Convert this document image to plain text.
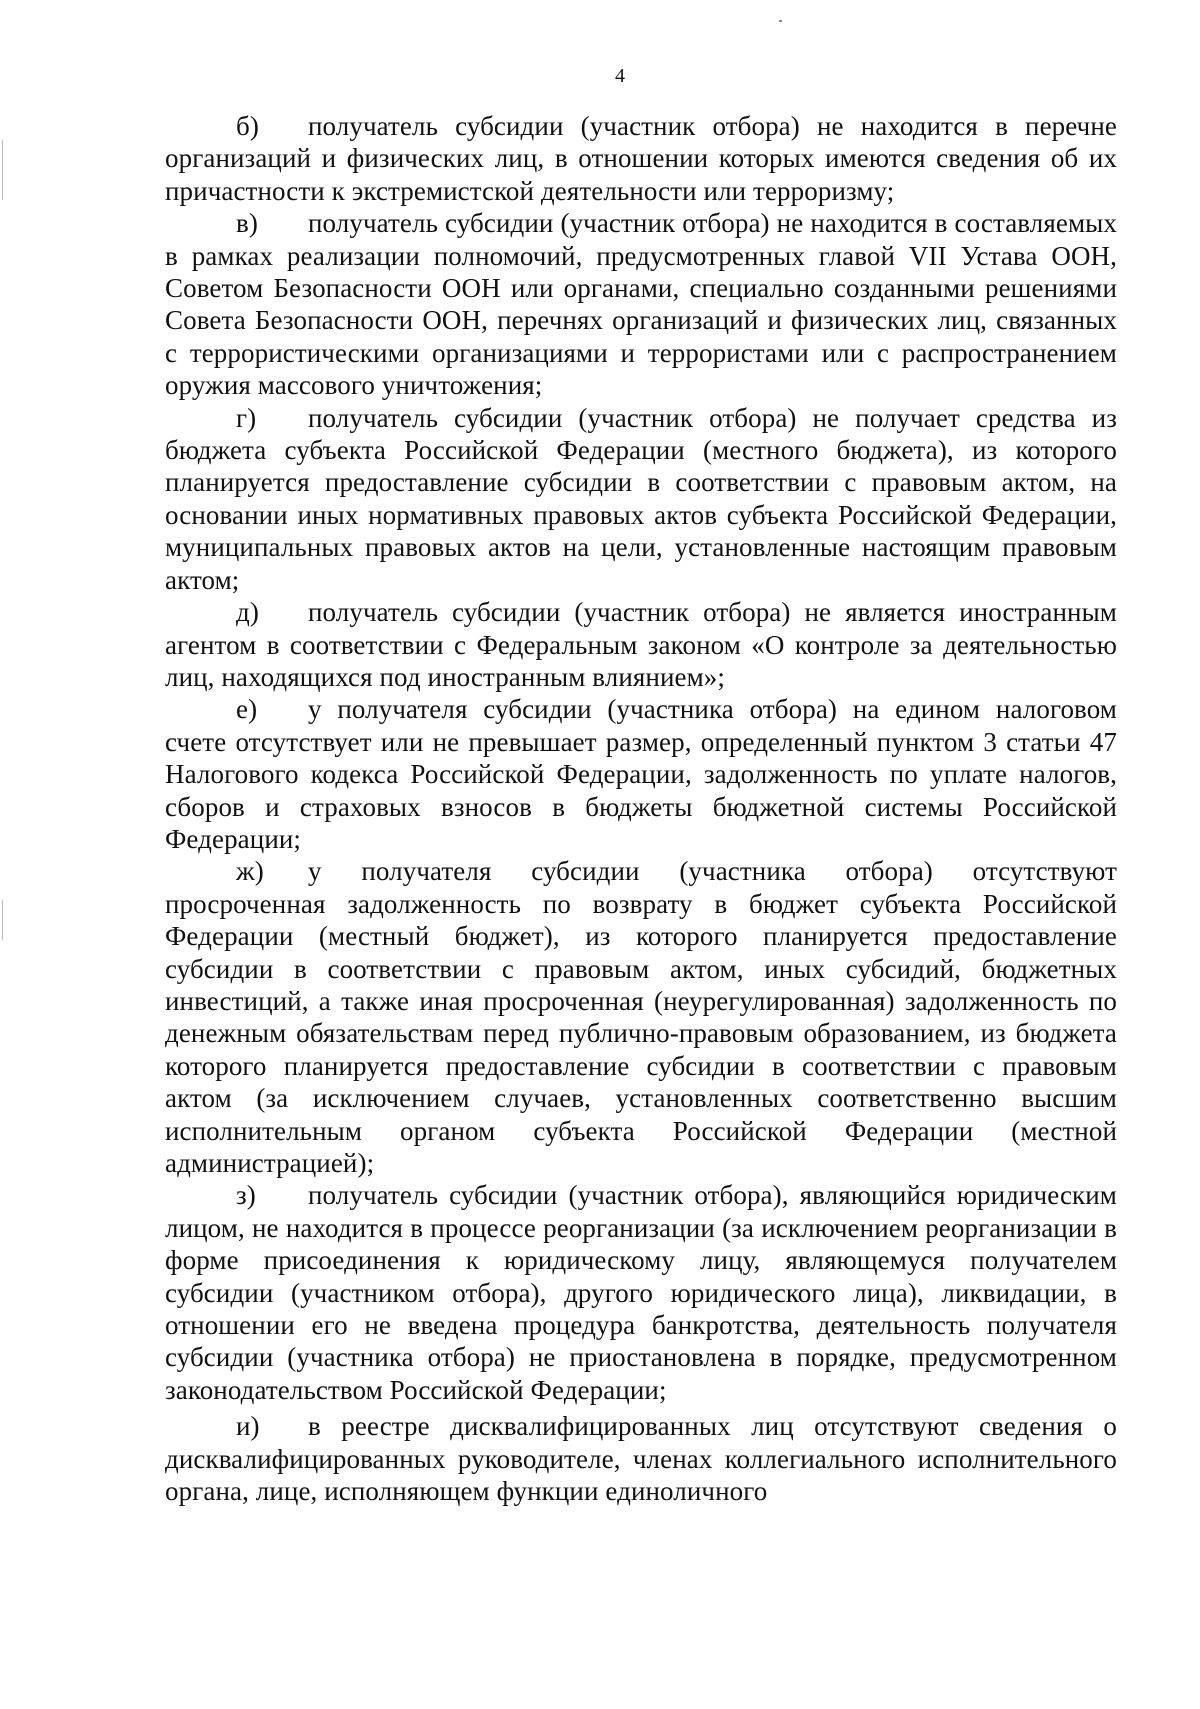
4

б) получатель субсидии (участник отбора) не находится в перечне организаций и физических лиц, в отношении которых имеются сведения об их причастности к экстремистской деятельности или терроризму;

в) получатель субсидии (участник отбора) не находится в составляемых в рамках реализации полномочий, предусмотренных главой VII Устава ООН, Советом Безопасности ООН или органами, специально созданными решениями Совета Безопасности ООН, перечнях организаций и физических лиц, связанных с террористическими организациями и террористами или с распространением оружия массового уничтожения;

г) получатель субсидии (участник отбора) не получает средства из бюджета субъекта Российской Федерации (местного бюджета), из которого планируется предоставление субсидии в соответствии с правовым актом, на основании иных нормативных правовых актов субъекта Российской Федерации, муниципальных правовых актов на цели, установленные настоящим правовым актом;

д) получатель субсидии (участник отбора) не является иностранным агентом в соответствии с Федеральным законом «О контроле за деятельностью лиц, находящихся под иностранным влиянием»;

е) у получателя субсидии (участника отбора) на едином налоговом счете отсутствует или не превышает размер, определенный пунктом 3 статьи 47 Налогового кодекса Российской Федерации, задолженность по уплате налогов, сборов и страховых взносов в бюджеты бюджетной системы Российской Федерации;

ж) у получателя субсидии (участника отбора) отсутствуют просроченная задолженность по возврату в бюджет субъекта Российской Федерации (местный бюджет), из которого планируется предоставление субсидии в соответствии с правовым актом, иных субсидий, бюджетных инвестиций, а также иная просроченная (неурегулированная) задолженность по денежным обязательствам перед публично-правовым образованием, из бюджета которого планируется предоставление субсидии в соответствии с правовым актом (за исключением случаев, установленных соответственно высшим исполнительным органом субъекта Российской Федерации (местной администрацией);

з) получатель субсидии (участник отбора), являющийся юридическим лицом, не находится в процессе реорганизации (за исключением реорганизации в форме присоединения к юридическому лицу, являющемуся получателем субсидии (участником отбора), другого юридического лица), ликвидации, в отношении его не введена процедура банкротства, деятельность получателя субсидии (участника отбора) не приостановлена в порядке, предусмотренном законодательством Российской Федерации;

и) в реестре дисквалифицированных лиц отсутствуют сведения о дисквалифицированных руководителе, членах коллегиального исполнительного органа, лице, исполняющем функции единоличного
